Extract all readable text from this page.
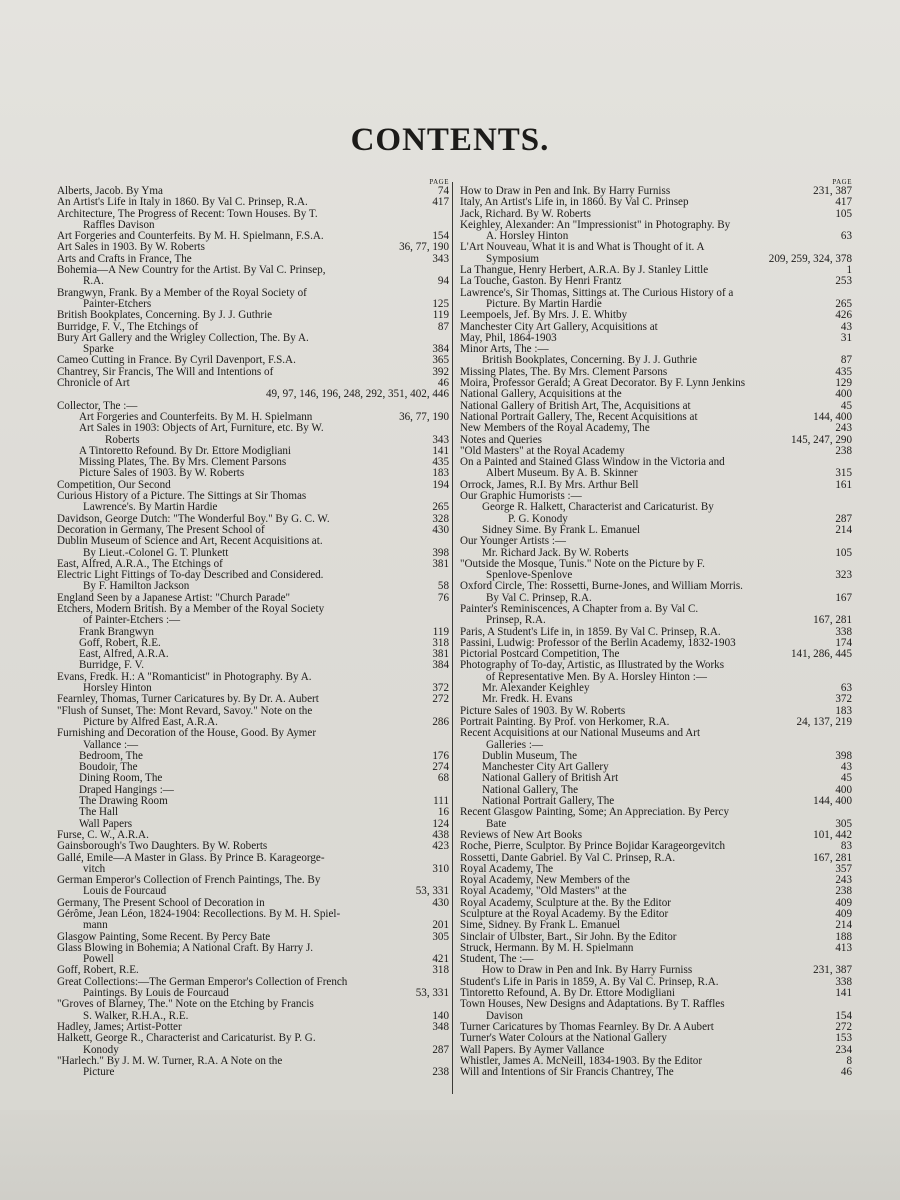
CONTENTS.
PAGE
Alberts, Jacob. By Yma	74
An Artist's Life in Italy in 1860. By Val C. Prinsep, R.A.	417
Architecture, The Progress of Recent: Town Houses. By T.
Raffles Davison
Art Forgeries and Counterfeits. By M. H. Spielmann, F.S.A.	154
Art Sales in 1903. By W. Roberts	36, 77, 190
Arts and Crafts in France, The	343
Bohemia—A New Country for the Artist. By Val C. Prinsep,
R.A.	94
Brangwyn, Frank. By a Member of the Royal Society of
Painter-Etchers	125
British Bookplates, Concerning. By J. J. Guthrie	119
Burridge, F. V., The Etchings of	87
Bury Art Gallery and the Wrigley Collection, The. By A.
Sparke	384
Cameo Cutting in France. By Cyril Davenport, F.S.A.	365
Chantrey, Sir Francis, The Will and Intentions of	392
Chronicle of Art	46

49, 97, 146, 196, 248, 292, 351, 402, 446
Collector, The :—
Art Forgeries and Counterfeits. By M. H. Spielmann	36, 77, 190
Art Sales in 1903: Objects of Art, Furniture, etc. By W.
Roberts	343
A Tintoretto Refound. By Dr. Ettore Modigliani	141
Missing Plates, The. By Mrs. Clement Parsons	435
Picture Sales of 1903. By W. Roberts	183
Competition, Our Second	194
Curious History of a Picture. The Sittings at Sir Thomas
Lawrence's. By Martin Hardie	265
Davidson, George Dutch: "The Wonderful Boy." By G. C. W.	328
Decoration in Germany, The Present School of	430
Dublin Museum of Science and Art, Recent Acquisitions at.
By Lieut.-Colonel G. T. Plunkett	398
East, Alfred, A.R.A., The Etchings of	381
Electric Light Fittings of To-day Described and Considered.
By F. Hamilton Jackson	58
England Seen by a Japanese Artist: "Church Parade"	76
Etchers, Modern British. By a Member of the Royal Society
of Painter-Etchers :—
Frank Brangwyn	119
Goff, Robert, R.E.	318
East, Alfred, A.R.A.	381
Burridge, F. V.	384
Evans, Fredk. H.: A "Romanticist" in Photography. By A.
Horsley Hinton	372
Fearnley, Thomas, Turner Caricatures by. By Dr. A. Aubert	272
"Flush of Sunset, The: Mont Revard, Savoy." Note on the
Picture by Alfred East, A.R.A.	286
Furnishing and Decoration of the House, Good. By Aymer
Vallance :—
Bedroom, The	176
Boudoir, The	274
Dining Room, The	68
Draped Hangings :—
The Drawing Room	111
The Hall	16
Wall Papers	124
Furse, C. W., A.R.A.	438
Gainsborough's Two Daughters. By W. Roberts	423
Gallé, Emile—A Master in Glass. By Prince B. Karageorge-
vitch	310
German Emperor's Collection of French Paintings, The. By
Louis de Fourcaud	53, 331
Germany, The Present School of Decoration in	430
Gérôme, Jean Léon, 1824-1904: Recollections. By M. H. Spiel-
mann	201
Glasgow Painting, Some Recent. By Percy Bate	305
Glass Blowing in Bohemia; A National Craft. By Harry J.
Powell	421
Goff, Robert, R.E.	318
Great Collections:—The German Emperor's Collection of French
Paintings. By Louis de Fourcaud	53, 331
"Groves of Blarney, The." Note on the Etching by Francis
S. Walker, R.H.A., R.E.	140
Hadley, James; Artist-Potter	348
Halkett, George R., Characterist and Caricaturist. By P. G.
Konody	287
"Harlech." By J. M. W. Turner, R.A. A Note on the
Picture	238
PAGE
How to Draw in Pen and Ink. By Harry Furniss	231, 387
Italy, An Artist's Life in, in 1860. By Val C. Prinsep	417
Jack, Richard. By W. Roberts	105
Keighley, Alexander: An "Impressionist" in Photography. By
A. Horsley Hinton	63
L'Art Nouveau, What it is and What is Thought of it. A
Symposium	209, 259, 324, 378
La Thangue, Henry Herbert, A.R.A. By J. Stanley Little	1
La Touche, Gaston. By Henri Frantz	253
Lawrence's, Sir Thomas, Sittings at. The Curious History of a
Picture. By Martin Hardie	265
Leempoels, Jef. By Mrs. J. E. Whitby	426
Manchester City Art Gallery, Acquisitions at	43
May, Phil, 1864-1903	31
Minor Arts, The :—
British Bookplates, Concerning. By J. J. Guthrie	87
Missing Plates, The. By Mrs. Clement Parsons	435
Moira, Professor Gerald; A Great Decorator. By F. Lynn Jenkins	129
National Gallery, Acquisitions at the	400
National Gallery of British Art, The, Acquisitions at	45
National Portrait Gallery, The, Recent Acquisitions at	144, 400
New Members of the Royal Academy, The	243
Notes and Queries	145, 247, 290
"Old Masters" at the Royal Academy	238
On a Painted and Stained Glass Window in the Victoria and
Albert Museum. By A. B. Skinner	315
Orrock, James, R.I. By Mrs. Arthur Bell	161
Our Graphic Humorists :—
George R. Halkett, Characterist and Caricaturist. By
P. G. Konody	287
Sidney Sime. By Frank L. Emanuel	214
Our Younger Artists :—
Mr. Richard Jack. By W. Roberts	105
"Outside the Mosque, Tunis." Note on the Picture by F.
Spenlove-Spenlove	323
Oxford Circle, The: Rossetti, Burne-Jones, and William Morris.
By Val C. Prinsep, R.A.	167
Painter's Reminiscences, A Chapter from a. By Val C.
Prinsep, R.A.	167, 281
Paris, A Student's Life in, in 1859. By Val C. Prinsep, R.A.	338
Passini, Ludwig: Professor of the Berlin Academy, 1832-1903	174
Pictorial Postcard Competition, The	141, 286, 445
Photography of To-day, Artistic, as Illustrated by the Works
of Representative Men. By A. Horsley Hinton :—
Mr. Alexander Keighley	63
Mr. Fredk. H. Evans	372
Picture Sales of 1903. By W. Roberts	183
Portrait Painting. By Prof. von Herkomer, R.A.	24, 137, 219
Recent Acquisitions at our National Museums and Art
Galleries :—
Dublin Museum, The	398
Manchester City Art Gallery	43
National Gallery of British Art	45
National Gallery, The	400
National Portrait Gallery, The	144, 400
Recent Glasgow Painting, Some; An Appreciation. By Percy
Bate	305
Reviews of New Art Books	101, 442
Roche, Pierre, Sculptor. By Prince Bojidar Karageorgevitch	83
Rossetti, Dante Gabriel. By Val C. Prinsep, R.A.	167, 281
Royal Academy, The	357
Royal Academy, New Members of the	243
Royal Academy, "Old Masters" at the	238
Royal Academy, Sculpture at the. By the Editor	409
Sculpture at the Royal Academy. By the Editor	409
Sime, Sidney. By Frank L. Emanuel	214
Sinclair of Ulbster, Bart., Sir John. By the Editor	188
Struck, Hermann. By M. H. Spielmann	413
Student, The :—
How to Draw in Pen and Ink. By Harry Furniss	231, 387
Student's Life in Paris in 1859, A. By Val C. Prinsep, R.A.	338
Tintoretto Refound, A. By Dr. Ettore Modigliani	141
Town Houses, New Designs and Adaptations. By T. Raffles
Davison	154
Turner Caricatures by Thomas Fearnley. By Dr. A Aubert	272
Turner's Water Colours at the National Gallery	153
Wall Papers. By Aymer Vallance	234
Whistler, James A. McNeill, 1834-1903. By the Editor	8
Will and Intentions of Sir Francis Chantrey, The	46
